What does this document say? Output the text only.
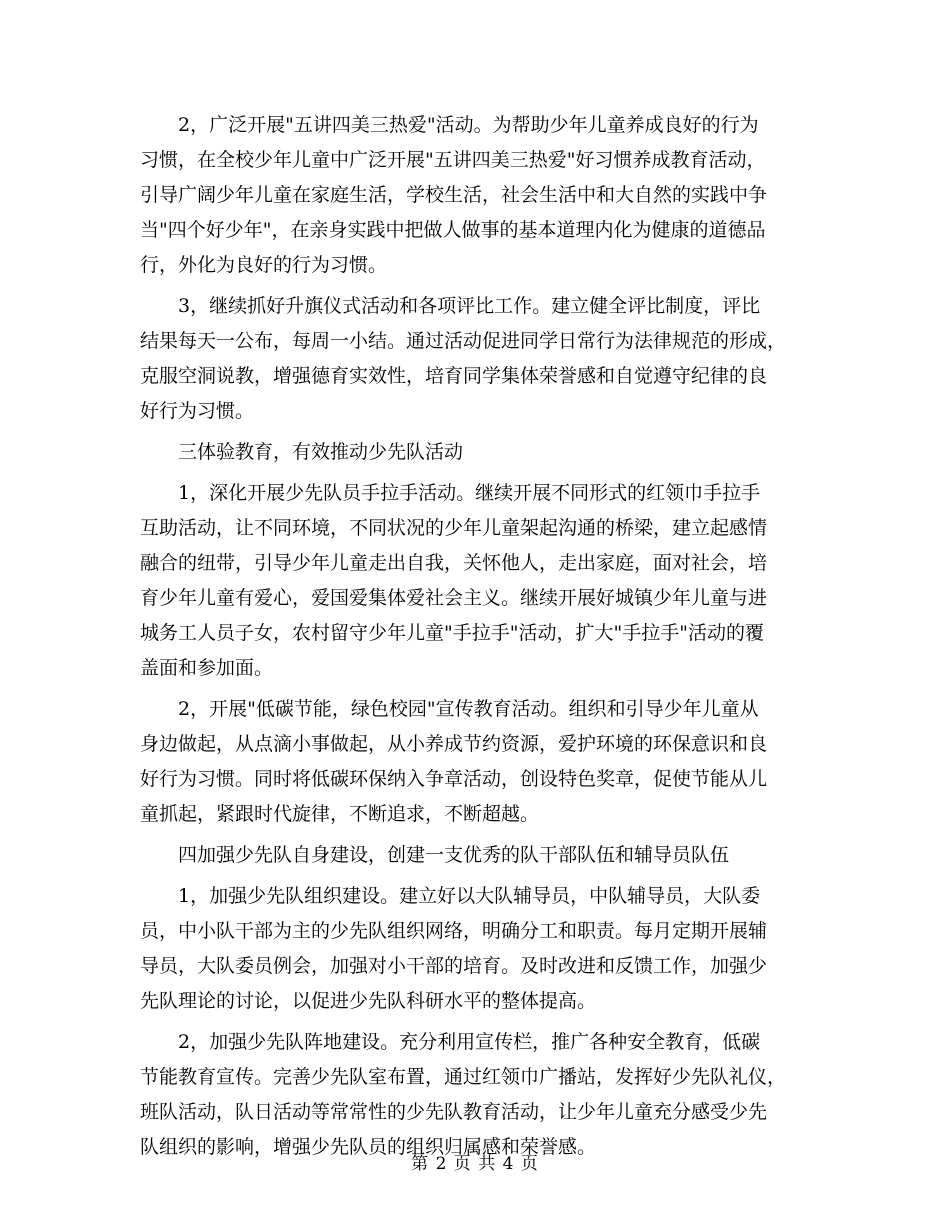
2，广泛开展"五讲四美三热爱"活动。为帮助少年儿童养成良好的行为
习惯，在全校少年儿童中广泛开展"五讲四美三热爱"好习惯养成教育活动，
引导广阔少年儿童在家庭生活，学校生活，社会生活中和大自然的实践中争
当"四个好少年"，在亲身实践中把做人做事的基本道理内化为健康的道德品
行，外化为良好的行为习惯。

3，继续抓好升旗仪式活动和各项评比工作。建立健全评比制度，评比
结果每天一公布，每周一小结。通过活动促进同学日常行为法律规范的形成，
克服空洞说教，增强德育实效性，培育同学集体荣誉感和自觉遵守纪律的良
好行为习惯。

三体验教育，有效推动少先队活动

1，深化开展少先队员手拉手活动。继续开展不同形式的红领巾手拉手
互助活动，让不同环境，不同状况的少年儿童架起沟通的桥梁，建立起感情
融合的纽带，引导少年儿童走出自我，关怀他人，走出家庭，面对社会，培
育少年儿童有爱心，爱国爱集体爱社会主义。继续开展好城镇少年儿童与进
城务工人员子女，农村留守少年儿童"手拉手"活动，扩大"手拉手"活动的覆
盖面和参加面。

2，开展"低碳节能，绿色校园"宣传教育活动。组织和引导少年儿童从
身边做起，从点滴小事做起，从小养成节约资源，爱护环境的环保意识和良
好行为习惯。同时将低碳环保纳入争章活动，创设特色奖章，促使节能从儿
童抓起，紧跟时代旋律，不断追求，不断超越。

四加强少先队自身建设，创建一支优秀的队干部队伍和辅导员队伍

1，加强少先队组织建设。建立好以大队辅导员，中队辅导员，大队委
员，中小队干部为主的少先队组织网络，明确分工和职责。每月定期开展辅
导员，大队委员例会，加强对小干部的培育。及时改进和反馈工作，加强少
先队理论的讨论，以促进少先队科研水平的整体提高。

2，加强少先队阵地建设。充分利用宣传栏，推广各种安全教育，低碳
节能教育宣传。完善少先队室布置，通过红领巾广播站，发挥好少先队礼仪，
班队活动，队日活动等常常性的少先队教育活动，让少年儿童充分感受少先
队组织的影响，增强少先队员的组织归属感和荣誉感。

第 2 页 共 4 页
